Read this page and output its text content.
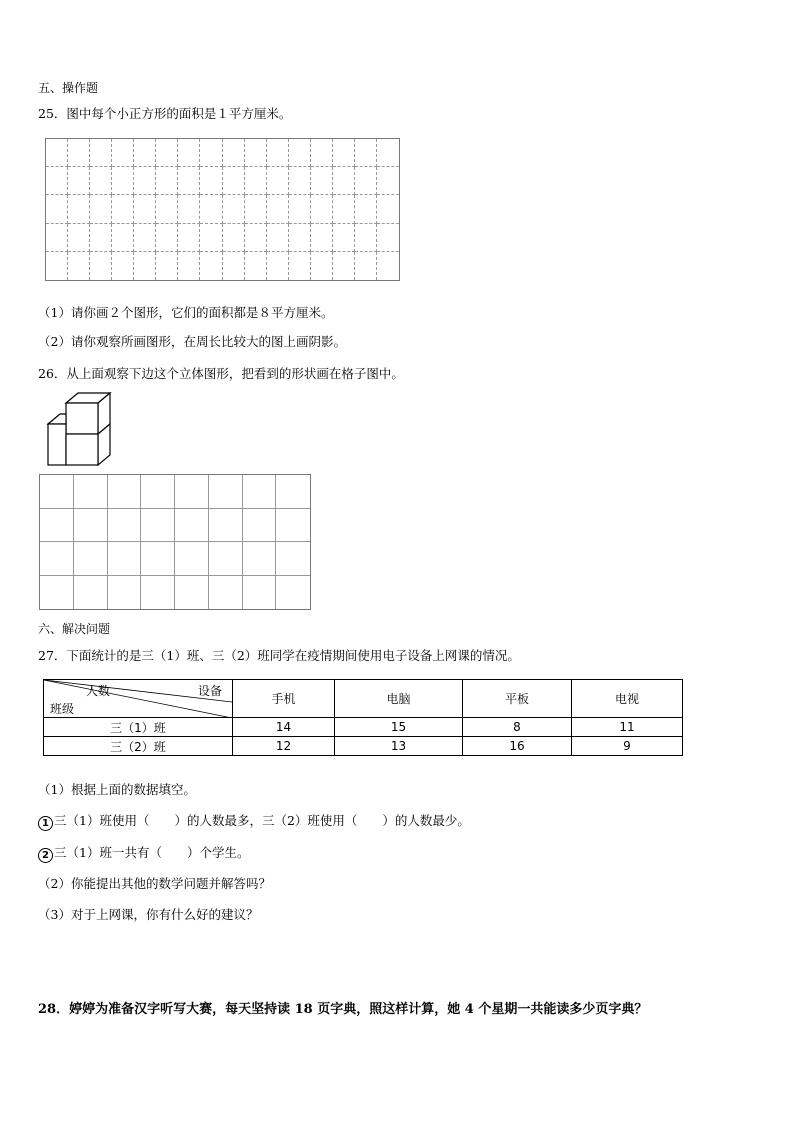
五、操作题
25．图中每个小正方形的面积是１平方厘米。
（1）请你画２个图形，它们的面积都是８平方厘米。
（2）请你观察所画图形，在周长比较大的图上画阴影。
26．从上面观察下边这个立体图形，把看到的形状画在格子图中。
六、解决问题
27．下面统计的是三（1）班、三（2）班同学在疫情期间使用电子设备上网课的情况。
人数 设备
班级	手机	电脑	平板	电视
三（1）班	14	15	8	11
三（2）班	12	13	16	9
（1）根据上面的数据填空。
1 三（1）班使用（　　）的人数最多，三（2）班使用（　　）的人数最少。
2 三（1）班一共有（　　）个学生。
（2）你能提出其他的数学问题并解答吗？
（3）对于上网课，你有什么好的建议？
28．婷婷为准备汉字听写大赛，每天坚持读 18 页字典，照这样计算，她 4 个星期一共能读多少页字典？
